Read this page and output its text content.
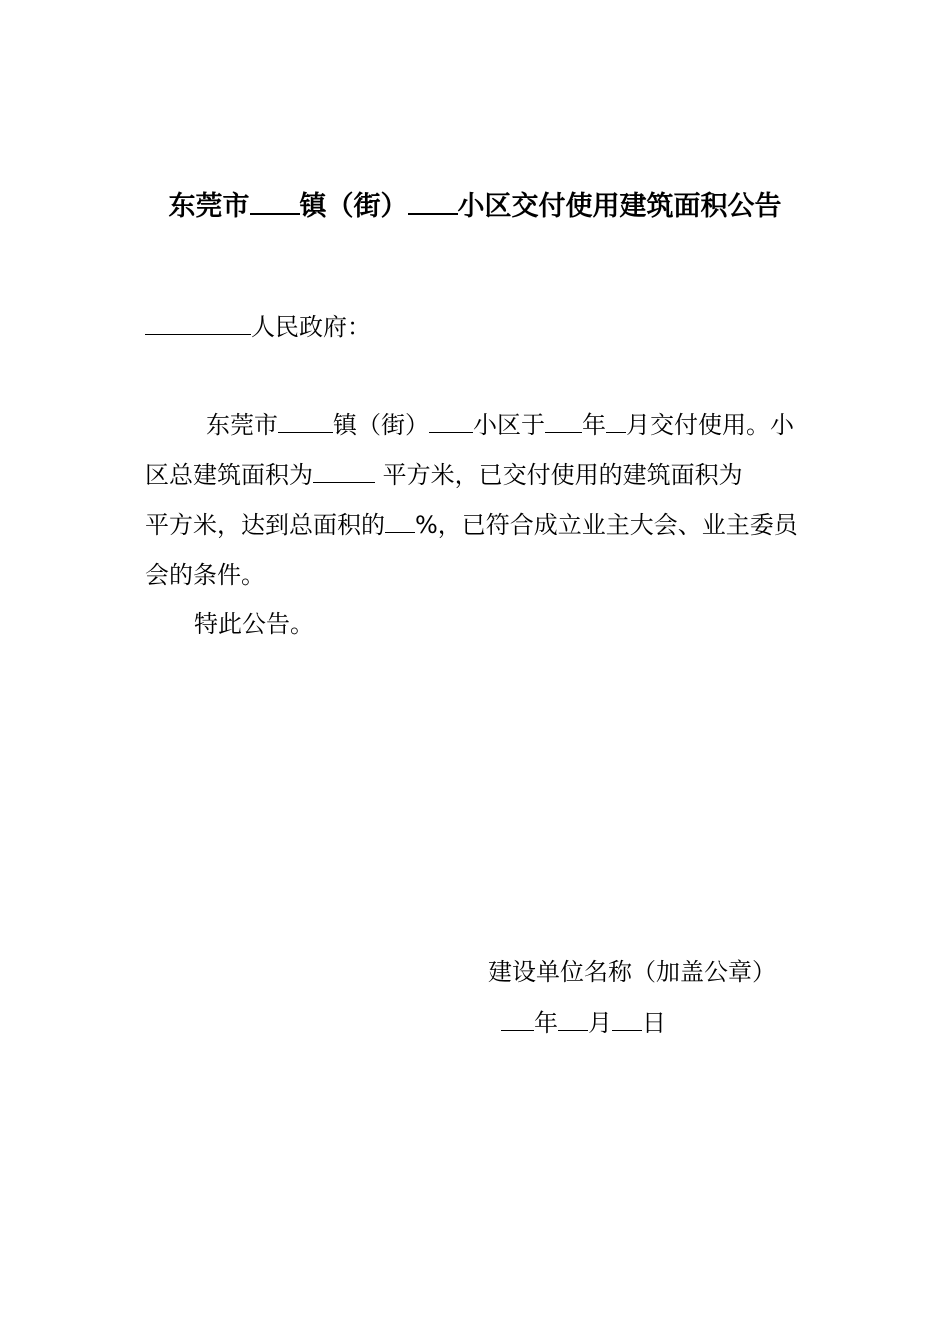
东莞市 镇（街） 小区交付使用建筑面积公告
人民政府：
东莞市 镇（街） 小区于 年 月交付使用。小
区总建筑面积为	平方米，已交付使用的建筑面积为
平方米，达到总面积的 %，已符合成立业主大会、业主委员
会的条件。
特此公告。
建设单位名称（加盖公章）
年 月 日
